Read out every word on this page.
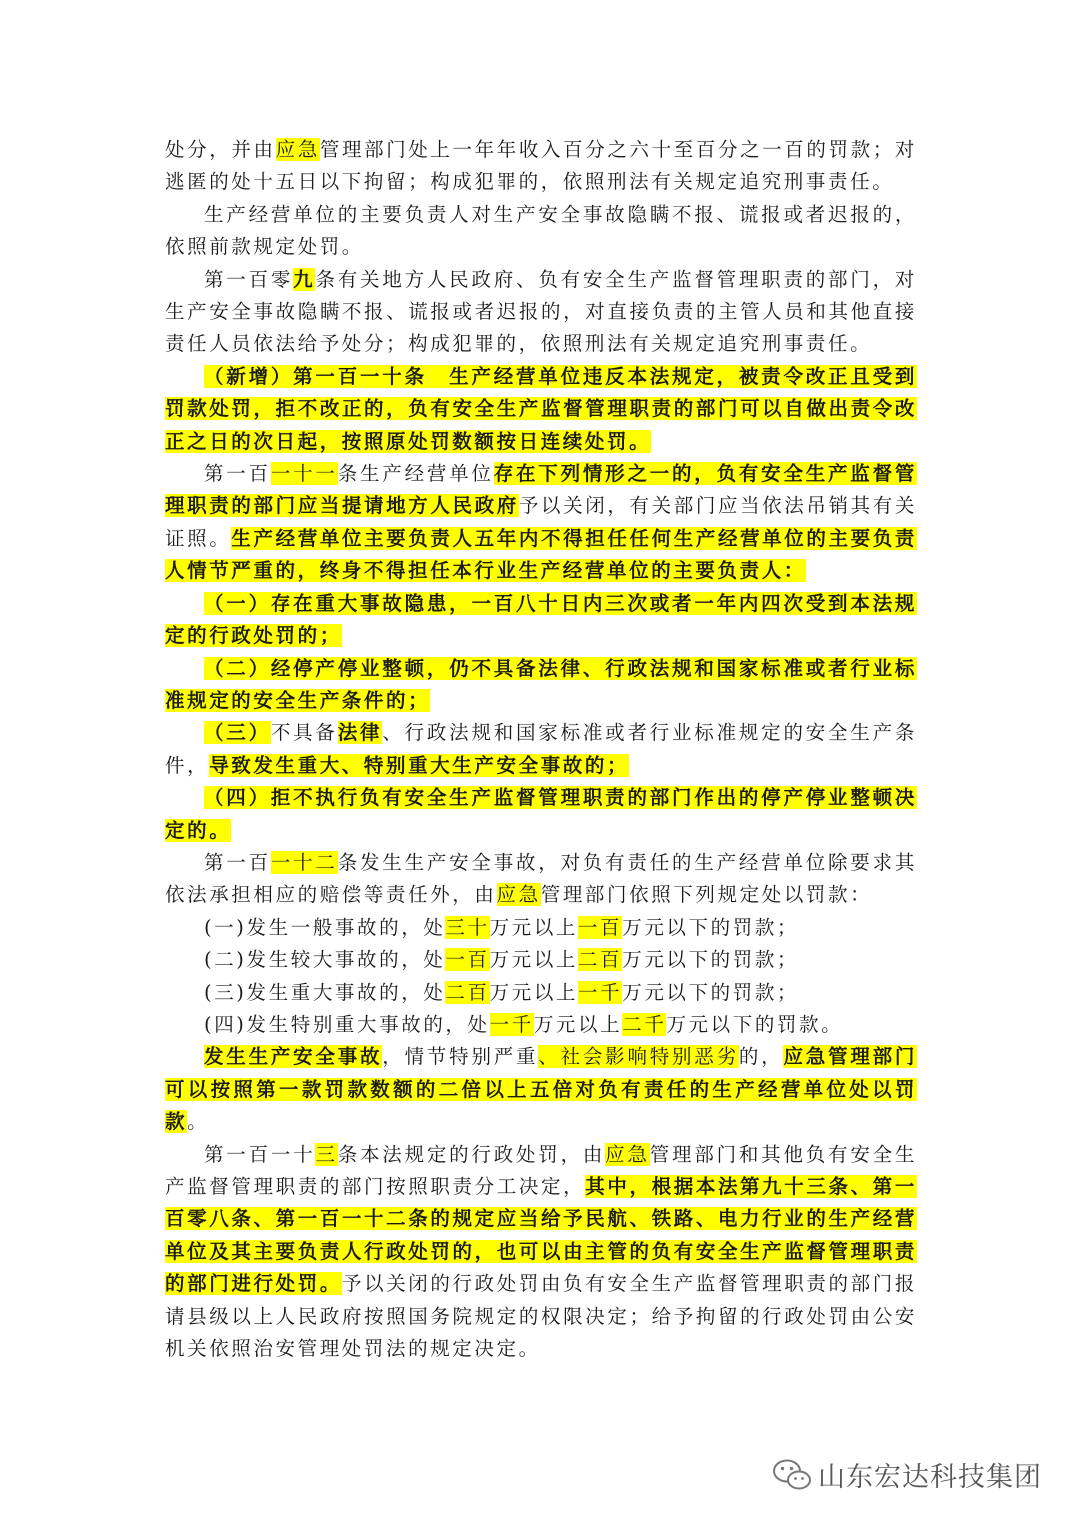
处分，并由应急管理部门处上一年年收入百分之六十至百分之一百的罚款；对逃匿的处十五日以下拘留；构成犯罪的，依照刑法有关规定追究刑事责任。

生产经营单位的主要负责人对生产安全事故隐瞒不报、谎报或者迟报的，依照前款规定处罚。

第一百零九条有关地方人民政府、负有安全生产监督管理职责的部门，对生产安全事故隐瞒不报、谎报或者迟报的，对直接负责的主管人员和其他直接责任人员依法给予处分；构成犯罪的，依照刑法有关规定追究刑事责任。

（新增）第一百一十条　生产经营单位违反本法规定，被责令改正且受到罚款处罚，拒不改正的，负有安全生产监督管理职责的部门可以自做出责令改正之日的次日起，按照原处罚数额按日连续处罚。

第一百一十一条生产经营单位存在下列情形之一的，负有安全生产监督管理职责的部门应当提请地方人民政府予以关闭，有关部门应当依法吊销其有关证照。生产经营单位主要负责人五年内不得担任任何生产经营单位的主要负责人情节严重的，终身不得担任本行业生产经营单位的主要负责人：

（一）存在重大事故隐患，一百八十日内三次或者一年内四次受到本法规定的行政处罚的；

（二）经停产停业整顿，仍不具备法律、行政法规和国家标准或者行业标准规定的安全生产条件的；

（三）不具备法律、行政法规和国家标准或者行业标准规定的安全生产条件，导致发生重大、特别重大生产安全事故的；

（四）拒不执行负有安全生产监督管理职责的部门作出的停产停业整顿决定的。

第一百一十二条发生生产安全事故，对负有责任的生产经营单位除要求其依法承担相应的赔偿等责任外，由应急管理部门依照下列规定处以罚款：

(一)发生一般事故的，处三十万元以上一百万元以下的罚款；

(二)发生较大事故的，处一百万元以上二百万元以下的罚款；

(三)发生重大事故的，处二百万元以上一千万元以下的罚款；

(四)发生特别重大事故的，处一千万元以上二千万元以下的罚款。

发生生产安全事故，情节特别严重、社会影响特别恶劣的，应急管理部门可以按照第一款罚款数额的二倍以上五倍对负有责任的生产经营单位处以罚款。

第一百一十三条本法规定的行政处罚，由应急管理部门和其他负有安全生产监督管理职责的部门按照职责分工决定，其中，根据本法第九十三条、第一百零八条、第一百一十二条的规定应当给予民航、铁路、电力行业的生产经营单位及其主要负责人行政处罚的，也可以由主管的负有安全生产监督管理职责的部门进行处罚。予以关闭的行政处罚由负有安全生产监督管理职责的部门报请县级以上人民政府按照国务院规定的权限决定；给予拘留的行政处罚由公安机关依照治安管理处罚法的规定决定。

山东宏达科技集团
